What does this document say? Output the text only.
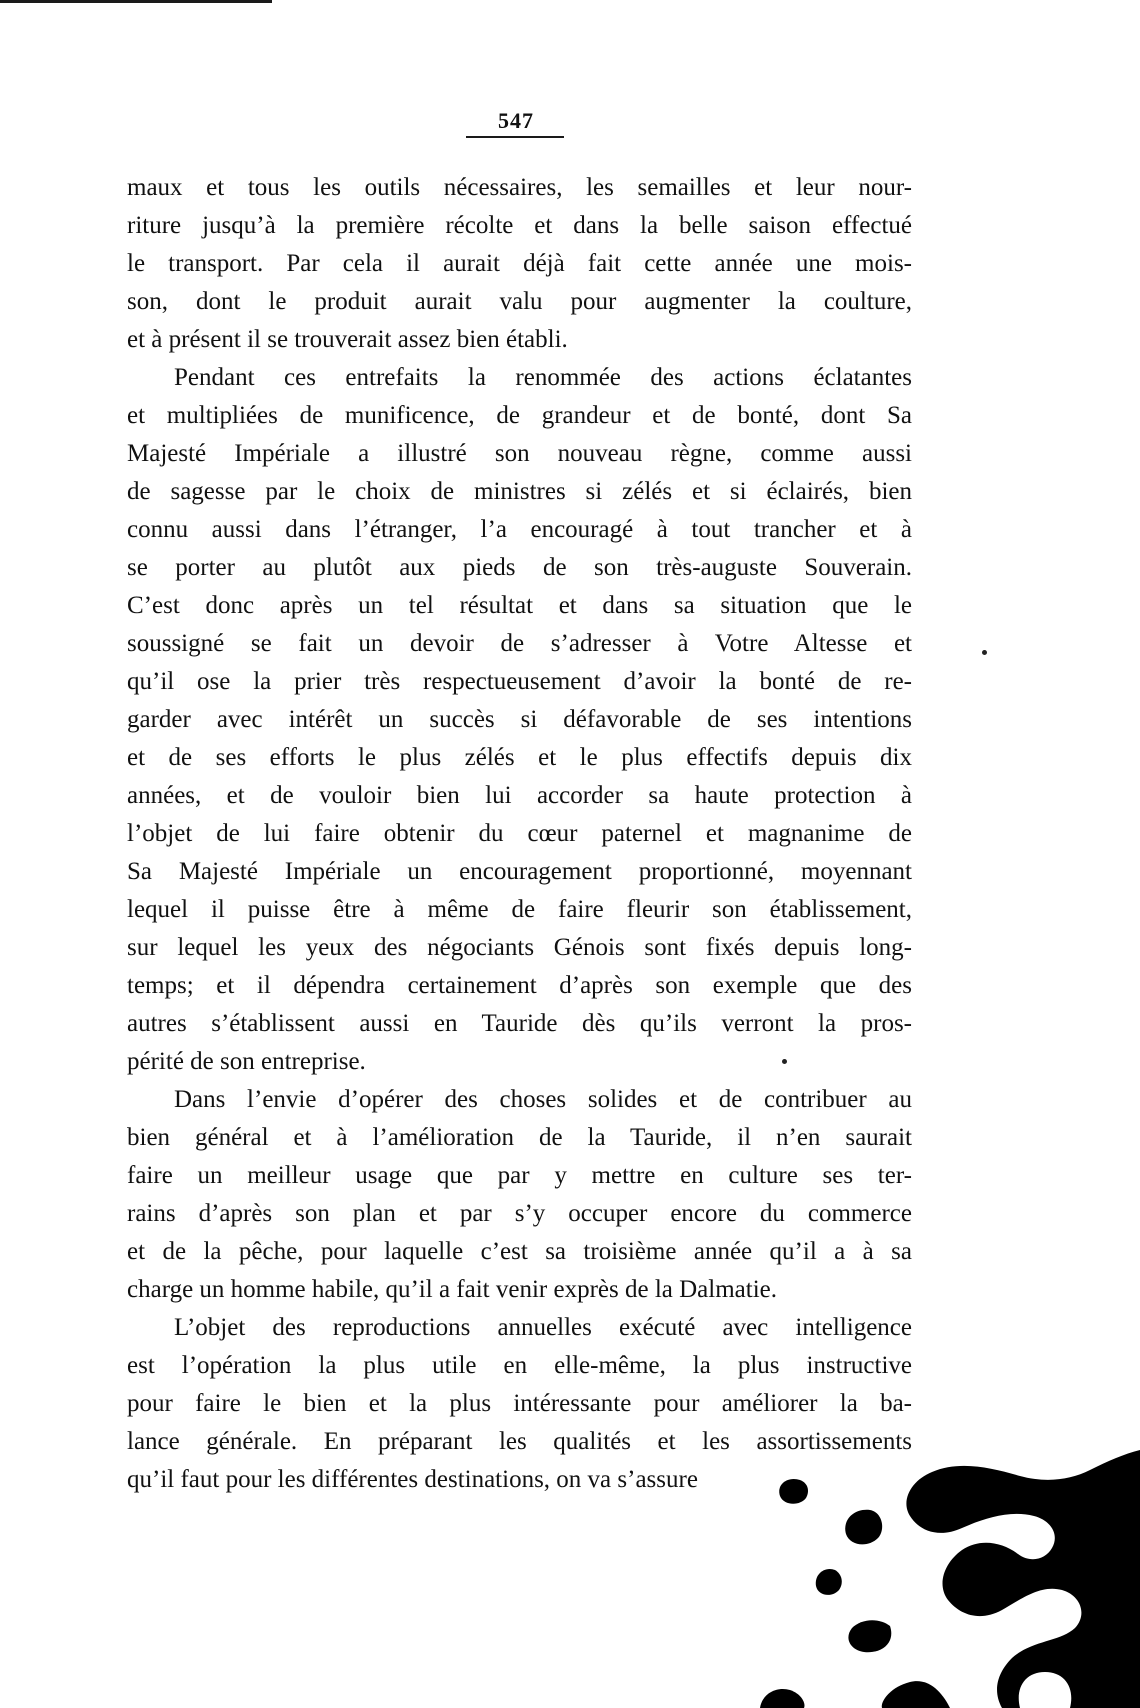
547
maux et tous les outils nécessaires, les semailles et leur nour-
riture jusqu’à la première récolte et dans la belle saison effectué
le transport. Par cela il aurait déjà fait cette année une mois-
son, dont le produit aurait valu pour augmenter la coulture,
et à présent il se trouverait assez bien établi.
Pendant ces entrefaits la renommée des actions éclatantes
et multipliées de munificence, de grandeur et de bonté, dont Sa
Majesté Impériale a illustré son nouveau règne, comme aussi
de sagesse par le choix de ministres si zélés et si éclairés, bien
connu aussi dans l’étranger, l’a encouragé à tout trancher et à
se porter au plutôt aux pieds de son très-auguste Souverain.
C’est donc après un tel résultat et dans sa situation que le
soussigné se fait un devoir de s’adresser à Votre Altesse et
qu’il ose la prier très respectueusement d’avoir la bonté de re-
garder avec intérêt un succès si défavorable de ses intentions
et de ses efforts le plus zélés et le plus effectifs depuis dix
années, et de vouloir bien lui accorder sa haute protection à
l’objet de lui faire obtenir du cœur paternel et magnanime de
Sa Majesté Impériale un encouragement proportionné, moyennant
lequel il puisse être à même de faire fleurir son établissement,
sur lequel les yeux des négociants Génois sont fixés depuis long-
temps; et il dépendra certainement d’après son exemple que des
autres s’établissent aussi en Tauride dès qu’ils verront la pros-
périté de son entreprise.
Dans l’envie d’opérer des choses solides et de contribuer au
bien général et à l’amélioration de la Tauride, il n’en saurait
faire un meilleur usage que par y mettre en culture ses ter-
rains d’après son plan et par s’y occuper encore du commerce
et de la pêche, pour laquelle c’est sa troisième année qu’il a à sa
charge un homme habile, qu’il a fait venir exprès de la Dalmatie.
L’objet des reproductions annuelles exécuté avec intelligence
est l’opération la plus utile en elle-même, la plus instructive
pour faire le bien et la plus intéressante pour améliorer la ba-
lance générale. En préparant les qualités et les assortissements
qu’il faut pour les différentes destinations, on va s’assure
